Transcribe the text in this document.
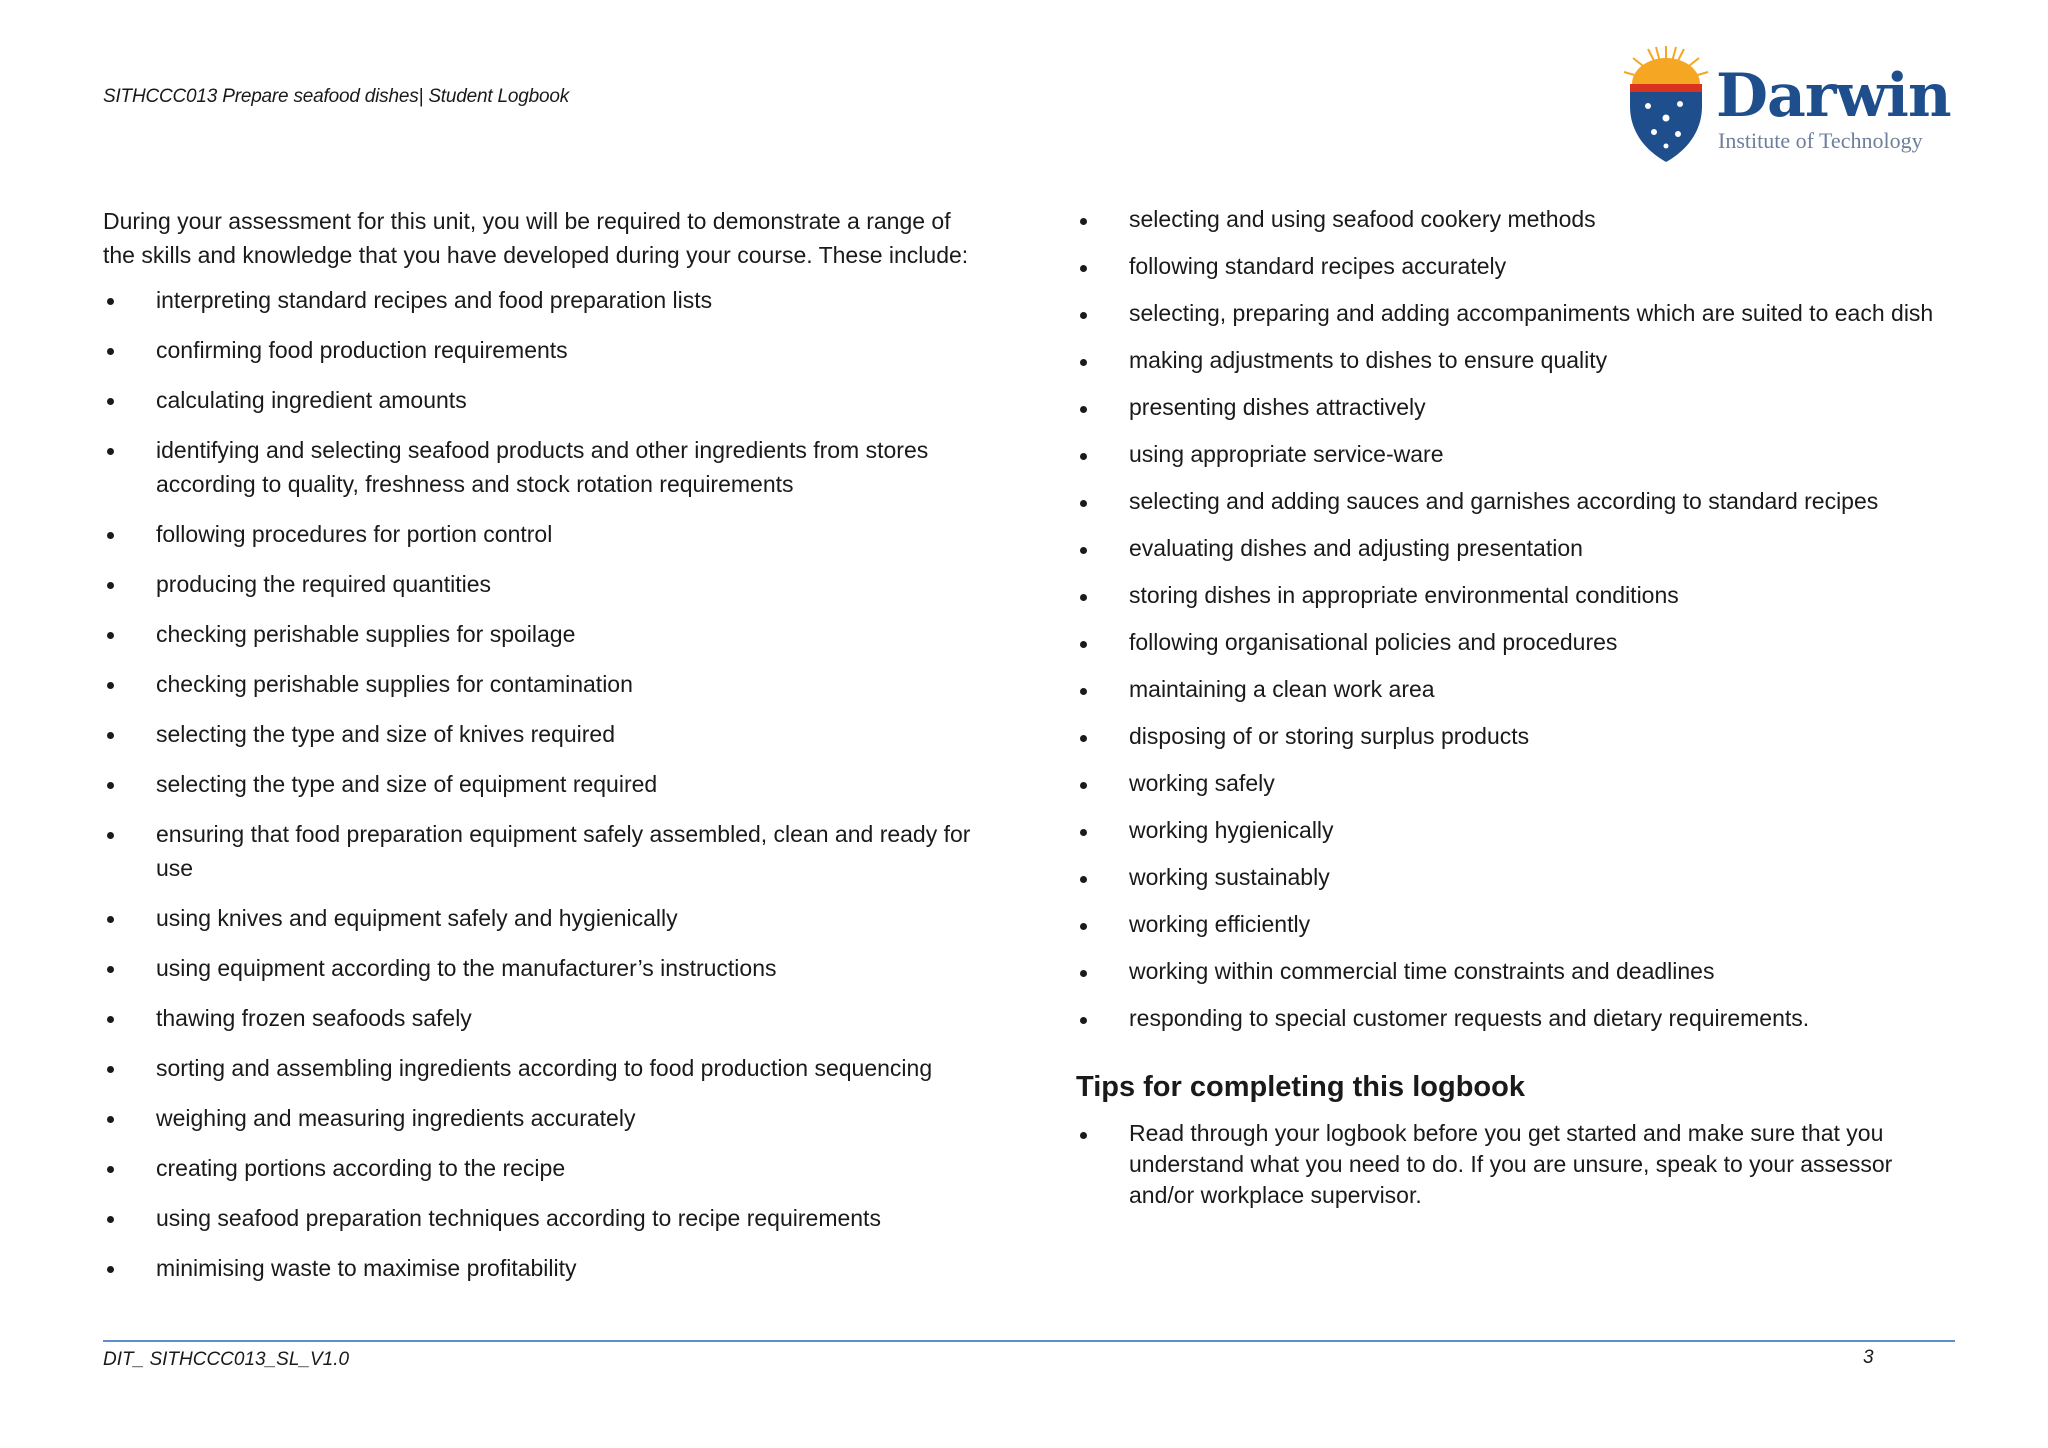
SITHCCC013 Prepare seafood dishes| Student Logbook	Darwin
Institute of Technology

During your assessment for this unit, you will be required to demonstrate a range of the skills and knowledge that you have developed during your course. These include:

interpreting standard recipes and food preparation lists
confirming food production requirements
calculating ingredient amounts
identifying and selecting seafood products and other ingredients from stores according to quality, freshness and stock rotation requirements
following procedures for portion control
producing the required quantities
checking perishable supplies for spoilage
checking perishable supplies for contamination
selecting the type and size of knives required
selecting the type and size of equipment required
ensuring that food preparation equipment safely assembled, clean and ready for use
using knives and equipment safely and hygienically
using equipment according to the manufacturer’s instructions
thawing frozen seafoods safely
sorting and assembling ingredients according to food production sequencing
weighing and measuring ingredients accurately
creating portions according to the recipe
using seafood preparation techniques according to recipe requirements
minimising waste to maximise profitability
selecting and using seafood cookery methods
following standard recipes accurately
selecting, preparing and adding accompaniments which are suited to each dish
making adjustments to dishes to ensure quality
presenting dishes attractively
using appropriate service-ware
selecting and adding sauces and garnishes according to standard recipes
evaluating dishes and adjusting presentation
storing dishes in appropriate environmental conditions
following organisational policies and procedures
maintaining a clean work area
disposing of or storing surplus products
working safely
working hygienically
working sustainably
working efficiently
working within commercial time constraints and deadlines
responding to special customer requests and dietary requirements.
Tips for completing this logbook
Read through your logbook before you get started and make sure that you understand what you need to do. If you are unsure, speak to your assessor and/or workplace supervisor.
DIT_ SITHCCC013_SL_V1.0	3
